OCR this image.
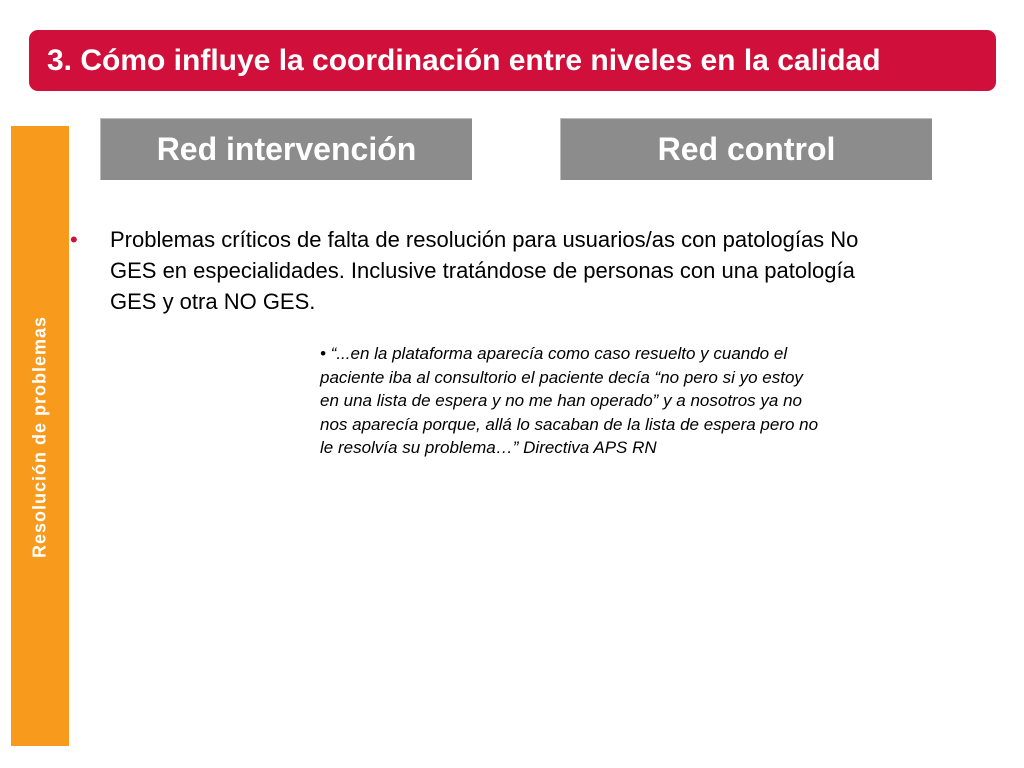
3. Cómo influye la coordinación entre niveles en la calidad
Resolución de problemas
Red intervención	Red control
• Problemas críticos de falta de resolución para usuarios/as con patologías No
GES en especialidades. Inclusive tratándose de personas con una patología
GES y otra NO GES.
• “...en la plataforma aparecía como caso resuelto y cuando el
paciente iba al consultorio el paciente decía “no pero si yo estoy
en una lista de espera y no me han operado” y a nosotros ya no
nos aparecía porque, allá lo sacaban de la lista de espera pero no
le resolvía su problema…” Directiva APS RN
